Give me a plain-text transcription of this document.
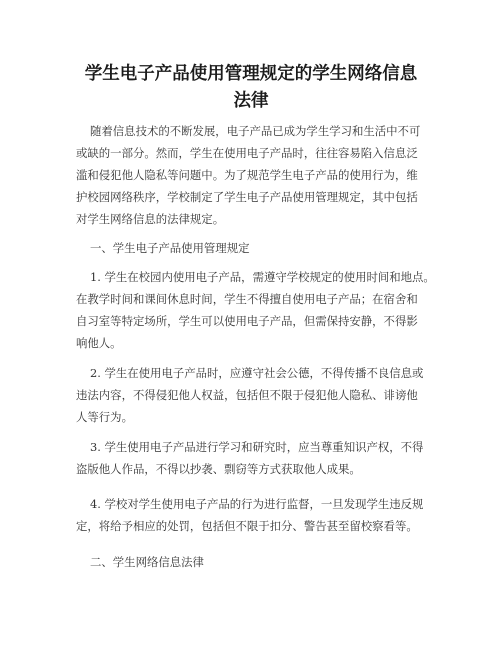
学生电子产品使用管理规定的学生网络信息
法律
随着信息技术的不断发展，电子产品已成为学生学习和生活中不可
或缺的一部分。然而，学生在使用电子产品时，往往容易陷入信息泛
滥和侵犯他人隐私等问题中。为了规范学生电子产品的使用行为，维
护校园网络秩序，学校制定了学生电子产品使用管理规定，其中包括
对学生网络信息的法律规定。
一、学生电子产品使用管理规定
1. 学生在校园内使用电子产品，需遵守学校规定的使用时间和地点。
在教学时间和课间休息时间，学生不得擅自使用电子产品；在宿舍和
自习室等特定场所，学生可以使用电子产品，但需保持安静，不得影
响他人。
2. 学生在使用电子产品时，应遵守社会公德，不得传播不良信息或
违法内容，不得侵犯他人权益，包括但不限于侵犯他人隐私、诽谤他
人等行为。
3. 学生使用电子产品进行学习和研究时，应当尊重知识产权，不得
盗版他人作品，不得以抄袭、剽窃等方式获取他人成果。
4. 学校对学生使用电子产品的行为进行监督，一旦发现学生违反规
定，将给予相应的处罚，包括但不限于扣分、警告甚至留校察看等。
二、学生网络信息法律
